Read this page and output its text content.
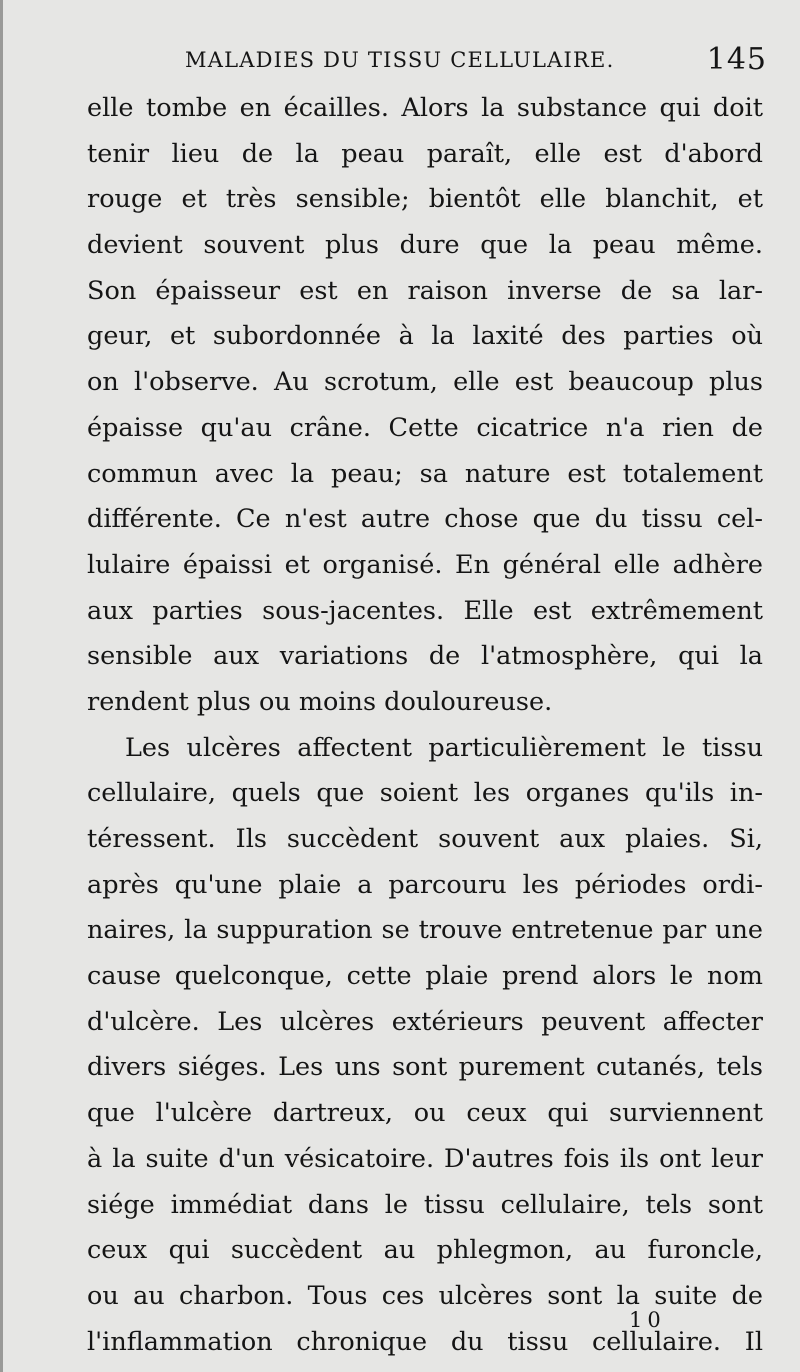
MALADIES DU TISSU CELLULAIRE.	145
elle tombe en écailles. Alors la substance qui doit
tenir lieu de la peau paraît, elle est d'abord
rouge et très sensible; bientôt elle blanchit, et
devient souvent plus dure que la peau même.
Son épaisseur est en raison inverse de sa lar-
geur, et subordonnée à la laxité des parties où
on l'observe. Au scrotum, elle est beaucoup plus
épaisse qu'au crâne. Cette cicatrice n'a rien de
commun avec la peau; sa nature est totalement
différente. Ce n'est autre chose que du tissu cel-
lulaire épaissi et organisé. En général elle adhère
aux parties sous-jacentes. Elle est extrêmement
sensible aux variations de l'atmosphère, qui la
rendent plus ou moins douloureuse.
Les ulcères affectent particulièrement le tissu
cellulaire, quels que soient les organes qu'ils in-
téressent. Ils succèdent souvent aux plaies. Si,
après qu'une plaie a parcouru les périodes ordi-
naires, la suppuration se trouve entretenue par une
cause quelconque, cette plaie prend alors le nom
d'ulcère. Les ulcères extérieurs peuvent affecter
divers siéges. Les uns sont purement cutanés, tels
que l'ulcère dartreux, ou ceux qui surviennent
à la suite d'un vésicatoire. D'autres fois ils ont leur
siége immédiat dans le tissu cellulaire, tels sont
ceux qui succèdent au phlegmon, au furoncle,
ou au charbon. Tous ces ulcères sont la suite de
l'inflammation chronique du tissu cellulaire. Il
10
